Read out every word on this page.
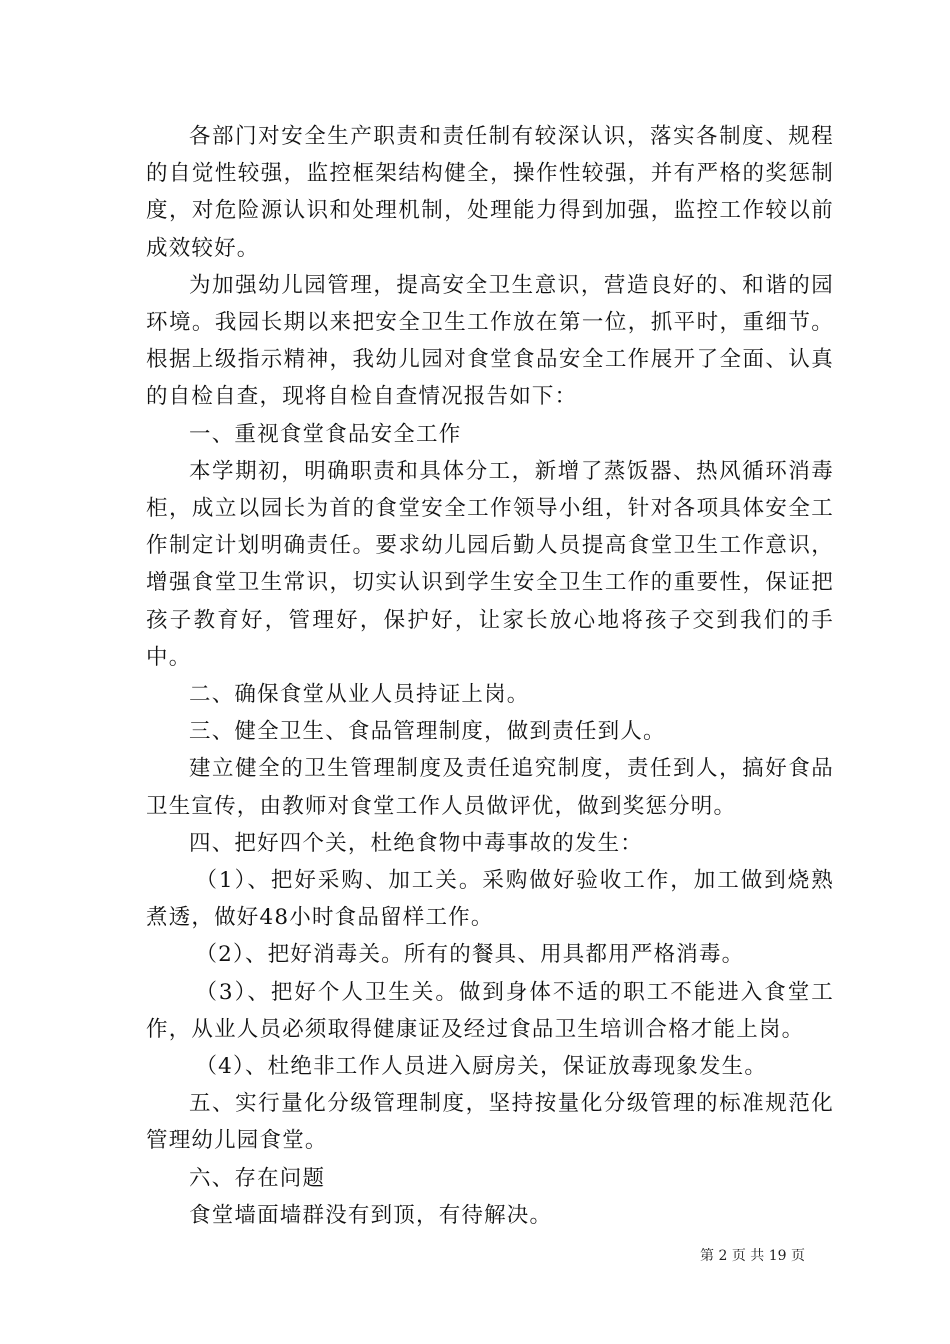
各部门对安全生产职责和责任制有较深认识，落实各制度、规程的自觉性较强，监控框架结构健全，操作性较强，并有严格的奖惩制度，对危险源认识和处理机制，处理能力得到加强，监控工作较以前成效较好。

为加强幼儿园管理，提高安全卫生意识，营造良好的、和谐的园环境。我园长期以来把安全卫生工作放在第一位，抓平时，重细节。根据上级指示精神，我幼儿园对食堂食品安全工作展开了全面、认真的自检自查，现将自检自查情况报告如下：

一、重视食堂食品安全工作

本学期初，明确职责和具体分工，新增了蒸饭器、热风循环消毒柜，成立以园长为首的食堂安全工作领导小组，针对各项具体安全工作制定计划明确责任。要求幼儿园后勤人员提高食堂卫生工作意识，增强食堂卫生常识，切实认识到学生安全卫生工作的重要性，保证把孩子教育好，管理好，保护好，让家长放心地将孩子交到我们的手中。

二、确保食堂从业人员持证上岗。

三、健全卫生、食品管理制度，做到责任到人。

建立健全的卫生管理制度及责任追究制度，责任到人，搞好食品卫生宣传，由教师对食堂工作人员做评优，做到奖惩分明。

四、把好四个关，杜绝食物中毒事故的发生：

（1）、把好采购、加工关。采购做好验收工作，加工做到烧熟煮透，做好48小时食品留样工作。

（2）、把好消毒关。所有的餐具、用具都用严格消毒。

（3）、把好个人卫生关。做到身体不适的职工不能进入食堂工作，从业人员必须取得健康证及经过食品卫生培训合格才能上岗。

（4）、杜绝非工作人员进入厨房关，保证放毒现象发生。

五、实行量化分级管理制度，坚持按量化分级管理的标准规范化管理幼儿园食堂。

六、存在问题

食堂墙面墙群没有到顶，有待解决。

第 2 页 共 19 页
